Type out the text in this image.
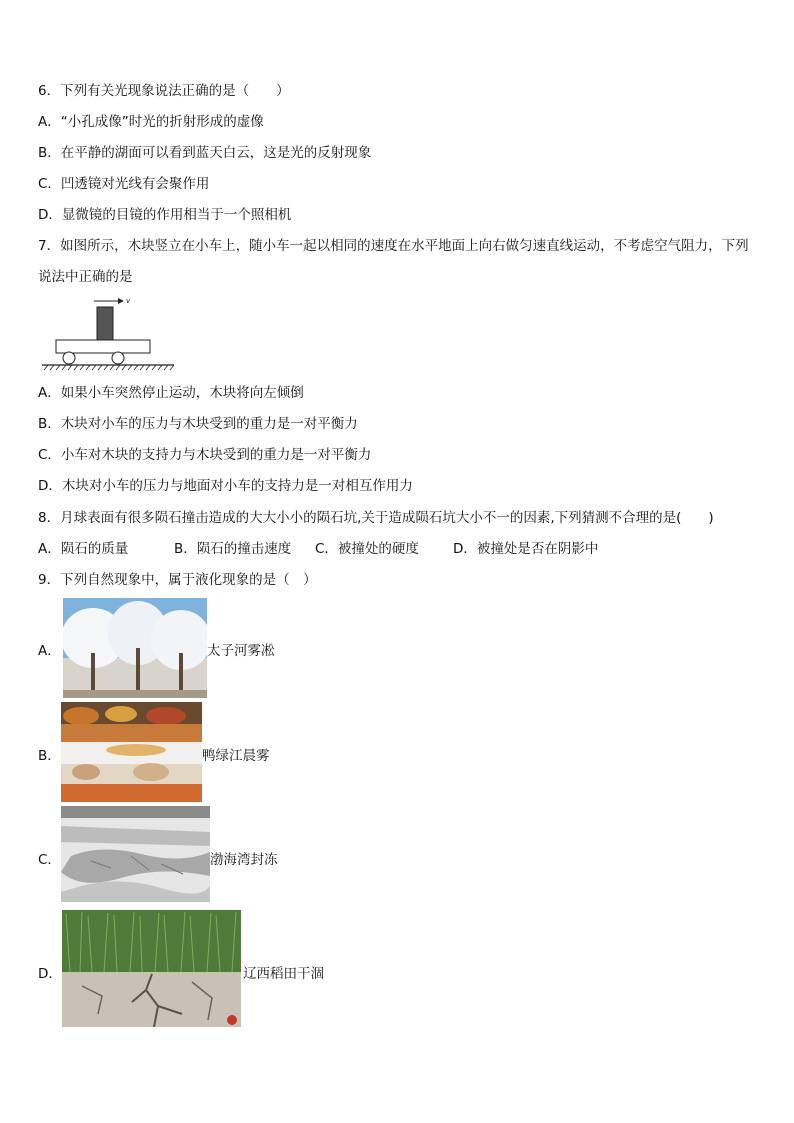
6．下列有关光现象说法正确的是（　　）
A．“小孔成像”时光的折射形成的虚像
B．在平静的湖面可以看到蓝天白云，这是光的反射现象
C．凹透镜对光线有会聚作用
D．显微镜的目镜的作用相当于一个照相机
7．如图所示，木块竖立在小车上，随小车一起以相同的速度在水平地面上向右做匀速直线运动，不考虑空气阻力，下列说法中正确的是
v
A．如果小车突然停止运动，木块将向左倾倒
B．木块对小车的压力与木块受到的重力是一对平衡力
C．小车对木块的支持力与木块受到的重力是一对平衡力
D．木块对小车的压力与地面对小车的支持力是一对相互作用力
8．月球表面有很多陨石撞击造成的大大小小的陨石坑,关于造成陨石坑大小不一的因素,下列猜测不合理的是(　　)
A．陨石的质量	B．陨石的撞击速度 C．被撞处的硬度	D．被撞处是否在阴影中
9．下列自然现象中，属于液化现象的是（　）
A．	太子河雾凇
B．	鸭绿江晨雾
C．	渤海湾封冻
D．	辽西稻田干涸
